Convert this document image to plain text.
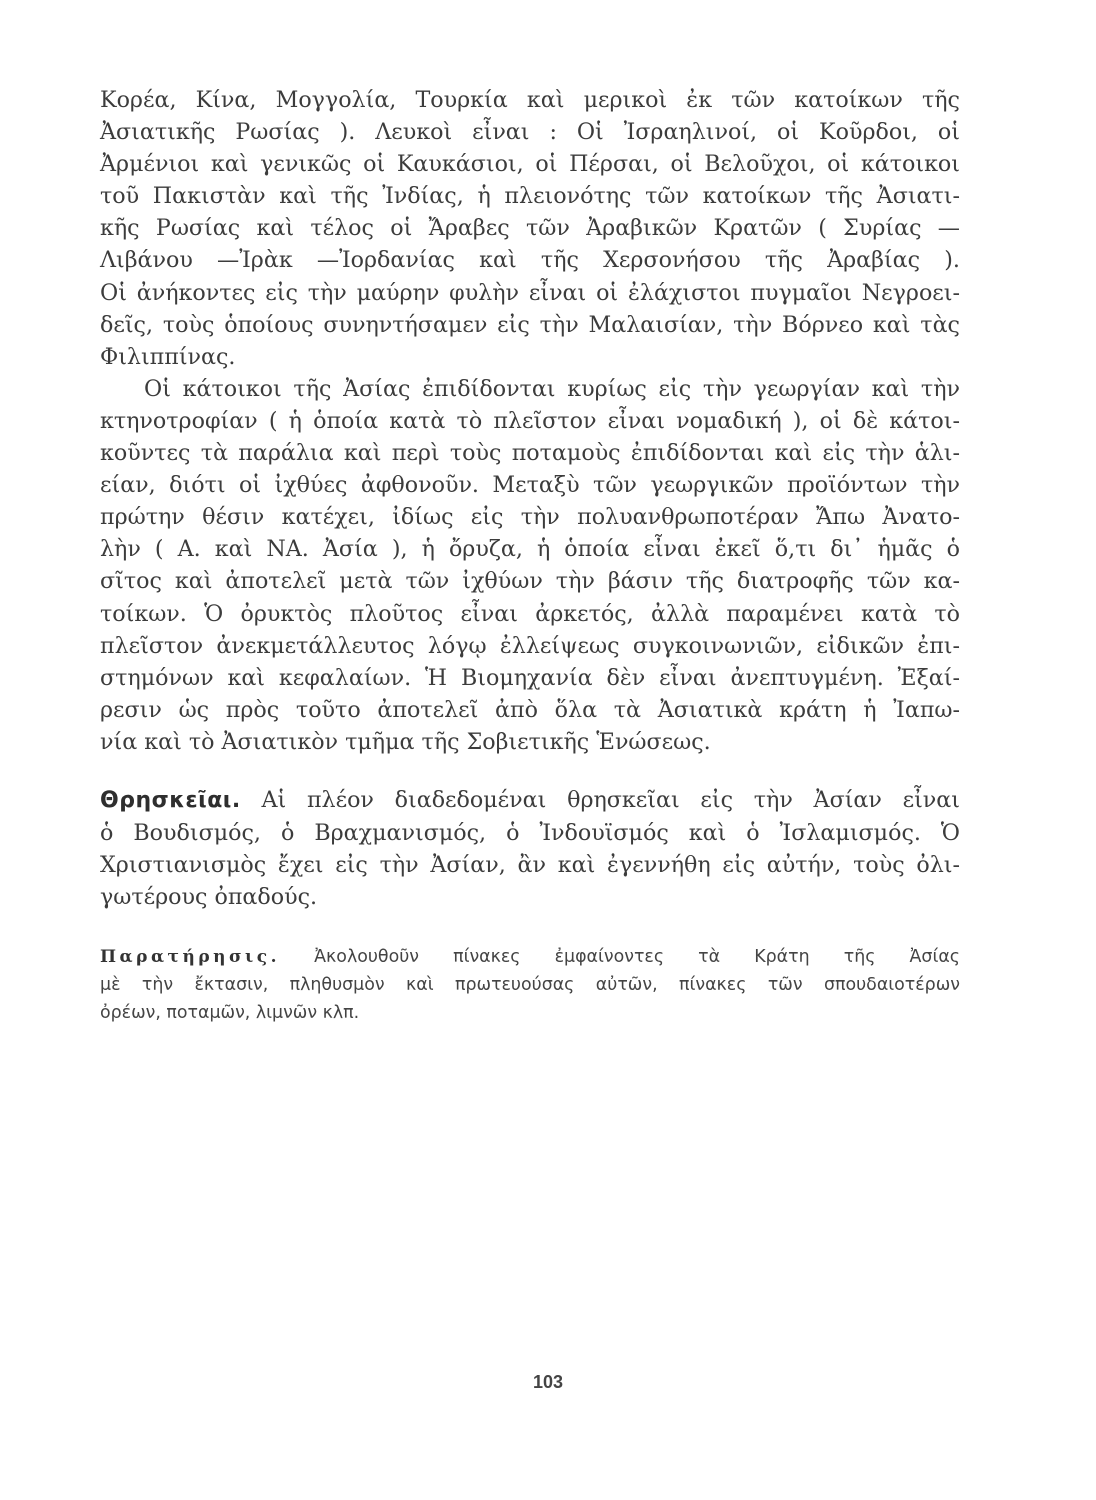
Κορέα, Κίνα, Μογγολία, Τουρκία καὶ μερικοὶ ἐκ τῶν κατοίκων τῆς
Ἀσιατικῆς Ρωσίας ). Λευκοὶ εἶναι : Οἱ Ἰσραηλινοί, οἱ Κοῦρδοι, οἱ
Ἀρμένιοι καὶ γενικῶς οἱ Καυκάσιοι, οἱ Πέρσαι, οἱ Βελοῦχοι, οἱ κάτοικοι
τοῦ Πακιστὰν καὶ τῆς Ἰνδίας, ἡ πλειονότης τῶν κατοίκων τῆς Ἀσιατι-
κῆς Ρωσίας καὶ τέλος οἱ Ἄραβες τῶν Ἀραβικῶν Κρατῶν ( Συρίας —
Λιβάνου —Ἰρὰκ —Ἰορδανίας καὶ τῆς Χερσονήσου τῆς Ἀραβίας ).
Οἱ ἀνήκοντες εἰς τὴν μαύρην φυλὴν εἶναι οἱ ἐλάχιστοι πυγμαῖοι Νεγροει-
δεῖς, τοὺς ὁποίους συνηντήσαμεν εἰς τὴν Μαλαισίαν, τὴν Βόρνεο καὶ τὰς
Φιλιππίνας.

Οἱ κάτοικοι τῆς Ἀσίας ἐπιδίδονται κυρίως εἰς τὴν γεωργίαν καὶ τὴν
κτηνοτροφίαν ( ἡ ὁποία κατὰ τὸ πλεῖστον εἶναι νομαδική ), οἱ δὲ κάτοι-
κοῦντες τὰ παράλια καὶ περὶ τοὺς ποταμοὺς ἐπιδίδονται καὶ εἰς τὴν ἁλι-
είαν, διότι οἱ ἰχθύες ἀφθονοῦν. Μεταξὺ τῶν γεωργικῶν προϊόντων τὴν
πρώτην θέσιν κατέχει, ἰδίως εἰς τὴν πολυανθρωποτέραν Ἄπω Ἀνατο-
λὴν ( Α. καὶ ΝΑ. Ἀσία ), ἡ ὄρυζα, ἡ ὁποία εἶναι ἐκεῖ ὅ,τι δι᾽ ἡμᾶς ὁ
σῖτος καὶ ἀποτελεῖ μετὰ τῶν ἰχθύων τὴν βάσιν τῆς διατροφῆς τῶν κα-
τοίκων. Ὁ ὀρυκτὸς πλοῦτος εἶναι ἀρκετός, ἀλλὰ παραμένει κατὰ τὸ
πλεῖστον ἀνεκμετάλλευτος λόγῳ ἐλλείψεως συγκοινωνιῶν, εἰδικῶν ἐπι-
στημόνων καὶ κεφαλαίων. Ἡ Βιομηχανία δὲν εἶναι ἀνεπτυγμένη. Ἐξαί-
ρεσιν ὡς πρὸς τοῦτο ἀποτελεῖ ἀπὸ ὅλα τὰ Ἀσιατικὰ κράτη ἡ Ἰαπω-
νία καὶ τὸ Ἀσιατικὸν τμῆμα τῆς Σοβιετικῆς Ἑνώσεως.

Θρησκεῖαι. Αἱ πλέον διαδεδομέναι θρησκεῖαι εἰς τὴν Ἀσίαν εἶναι
ὁ Βουδισμός, ὁ Βραχμανισμός, ὁ Ἰνδουϊσμός καὶ ὁ Ἰσλαμισμός. Ὁ
Χριστιανισμὸς ἔχει εἰς τὴν Ἀσίαν, ἂν καὶ ἐγεννήθη εἰς αὐτήν, τοὺς ὀλι-
γωτέρους ὀπαδούς.

Παρατήρησις. Ἀκολουθοῦν πίνακες ἐμφαίνοντες τὰ Κράτη τῆς Ἀσίας
μὲ τὴν ἔκτασιν, πληθυσμὸν καὶ πρωτευούσας αὐτῶν, πίνακες τῶν σπουδαιοτέρων
ὀρέων, ποταμῶν, λιμνῶν κλπ.
103
